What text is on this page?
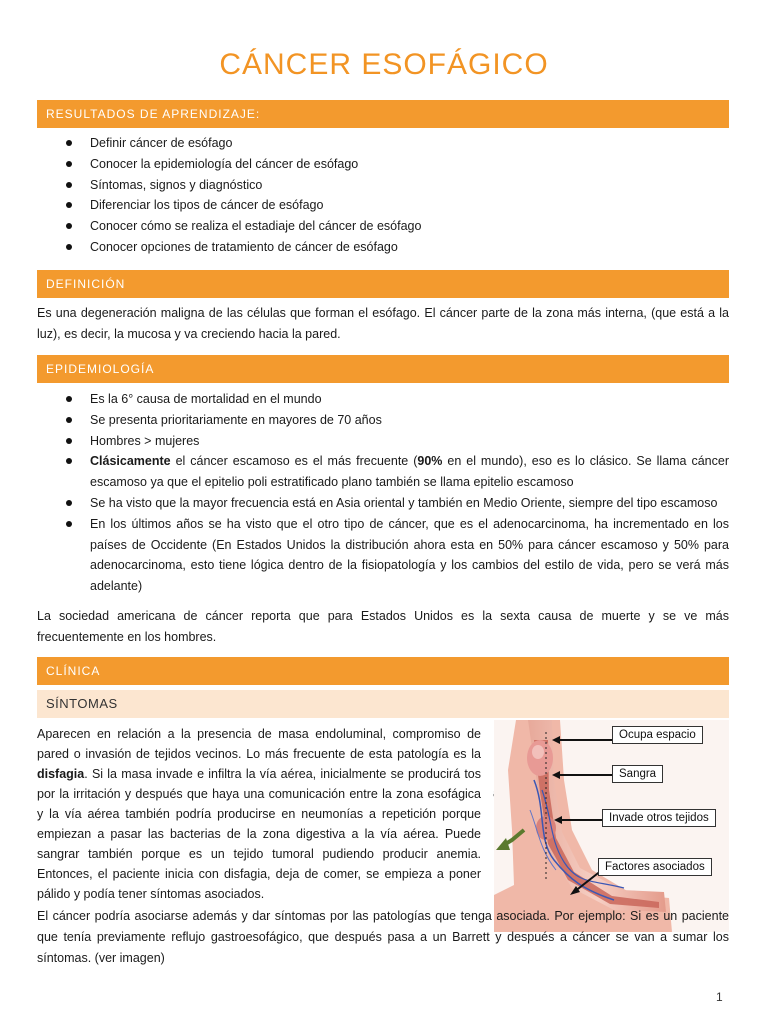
CÁNCER ESOFÁGICO
RESULTADOS DE APRENDIZAJE:
Definir cáncer de esófago
Conocer la epidemiología del cáncer de esófago
Síntomas, signos y diagnóstico
Diferenciar los tipos de cáncer de esófago
Conocer cómo se realiza el estadiaje del cáncer de esófago
Conocer opciones de tratamiento de cáncer de esófago
DEFINICIÓN

Es una degeneración maligna de las células que forman el esófago. El cáncer parte de la zona más interna, (que está a la luz), es decir, la mucosa y va creciendo hacia la pared.

EPIDEMIOLOGÍA
Es la 6° causa de mortalidad en el mundo
Se presenta prioritariamente en mayores de 70 años
Hombres > mujeres
Clásicamente el cáncer escamoso es el más frecuente (90% en el mundo), eso es lo clásico. Se llama cáncer escamoso ya que el epitelio poli estratificado plano también se llama epitelio escamoso
Se ha visto que la mayor frecuencia está en Asia oriental y también en Medio Oriente, siempre del tipo escamoso
En los últimos años se ha visto que el otro tipo de cáncer, que es el adenocarcinoma, ha incrementado en los países de Occidente (En Estados Unidos la distribución ahora esta en 50% para cáncer escamoso y 50% para adenocarcinoma, esto tiene lógica dentro de la fisiopatología y los cambios del estilo de vida, pero se verá más adelante)

La sociedad americana de cáncer reporta que para Estados Unidos es la sexta causa de muerte y se ve más frecuentemente en los hombres.

CLÍNICA
SÍNTOMAS

Aparecen en relación a la presencia de masa endoluminal, compromiso de pared o invasión de tejidos vecinos. Lo más frecuente de esta patología es la disfagia. Si la masa invade e infiltra la vía aérea, inicialmente se producirá tos por la irritación y después que haya una comunicación entre la zona esofágica y la vía aérea también podría producirse en neumonías a repetición porque empiezan a pasar las bacterias de la zona digestiva a la vía aérea. Puede sangrar también porque es un tejido tumoral pudiendo producir anemia. Entonces, el paciente inicia con disfagia, deja de comer, se empieza a poner pálido y podía tener síntomas asociados.

Ocupa espacio
Sangra
Invade otros tejidos
Factores asociados

El cáncer podría asociarse además y dar síntomas por las patologías que tenga asociada. Por ejemplo: Si es un paciente que tenía previamente reflujo gastroesofágico, que después pasa a un Barrett y después a cáncer se van a sumar los síntomas. (ver imagen)

1
